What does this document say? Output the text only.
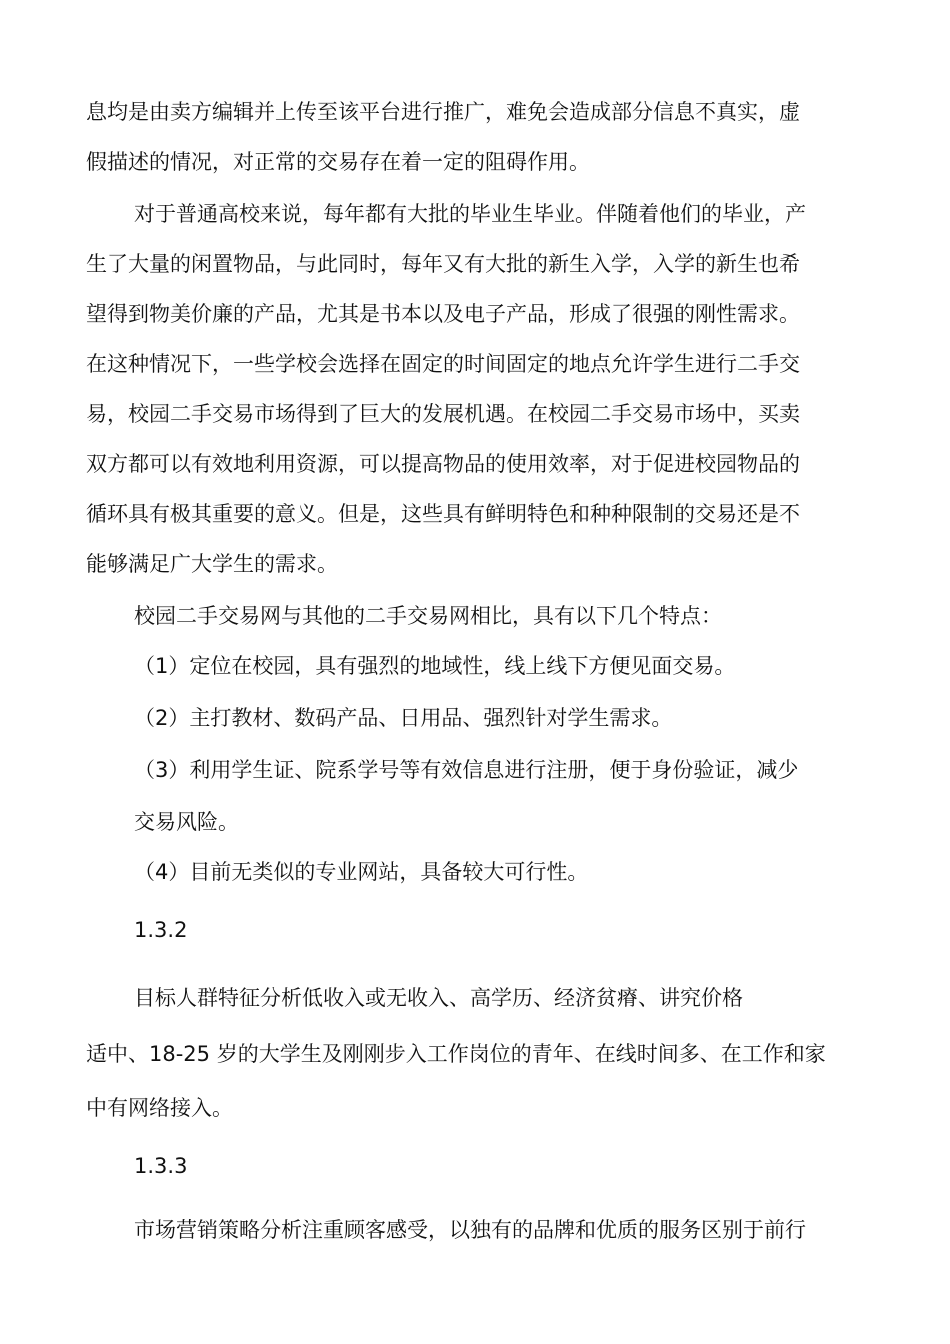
息均是由卖方编辑并上传至该平台进行推广，难免会造成部分信息不真实，虚
假描述的情况，对正常的交易存在着一定的阻碍作用。
对于普通高校来说，每年都有大批的毕业生毕业。伴随着他们的毕业，产
生了大量的闲置物品，与此同时，每年又有大批的新生入学，入学的新生也希
望得到物美价廉的产品，尤其是书本以及电子产品，形成了很强的刚性需求。
在这种情况下，一些学校会选择在固定的时间固定的地点允许学生进行二手交
易，校园二手交易市场得到了巨大的发展机遇。在校园二手交易市场中，买卖
双方都可以有效地利用资源，可以提高物品的使用效率，对于促进校园物品的
循环具有极其重要的意义。但是，这些具有鲜明特色和种种限制的交易还是不
能够满足广大学生的需求。
校园二手交易网与其他的二手交易网相比，具有以下几个特点：
（1）定位在校园，具有强烈的地域性，线上线下方便见面交易。
（2）主打教材、数码产品、日用品、强烈针对学生需求。
（3）利用学生证、院系学号等有效信息进行注册，便于身份验证，减少
交易风险。
（4）目前无类似的专业网站，具备较大可行性。
1.3.2
目标人群特征分析低收入或无收入、高学历、经济贫瘠、讲究价格
适中、18-25 岁的大学生及刚刚步入工作岗位的青年、在线时间多、在工作和家
中有网络接入。
1.3.3
市场营销策略分析注重顾客感受，以独有的品牌和优质的服务区别于前行
